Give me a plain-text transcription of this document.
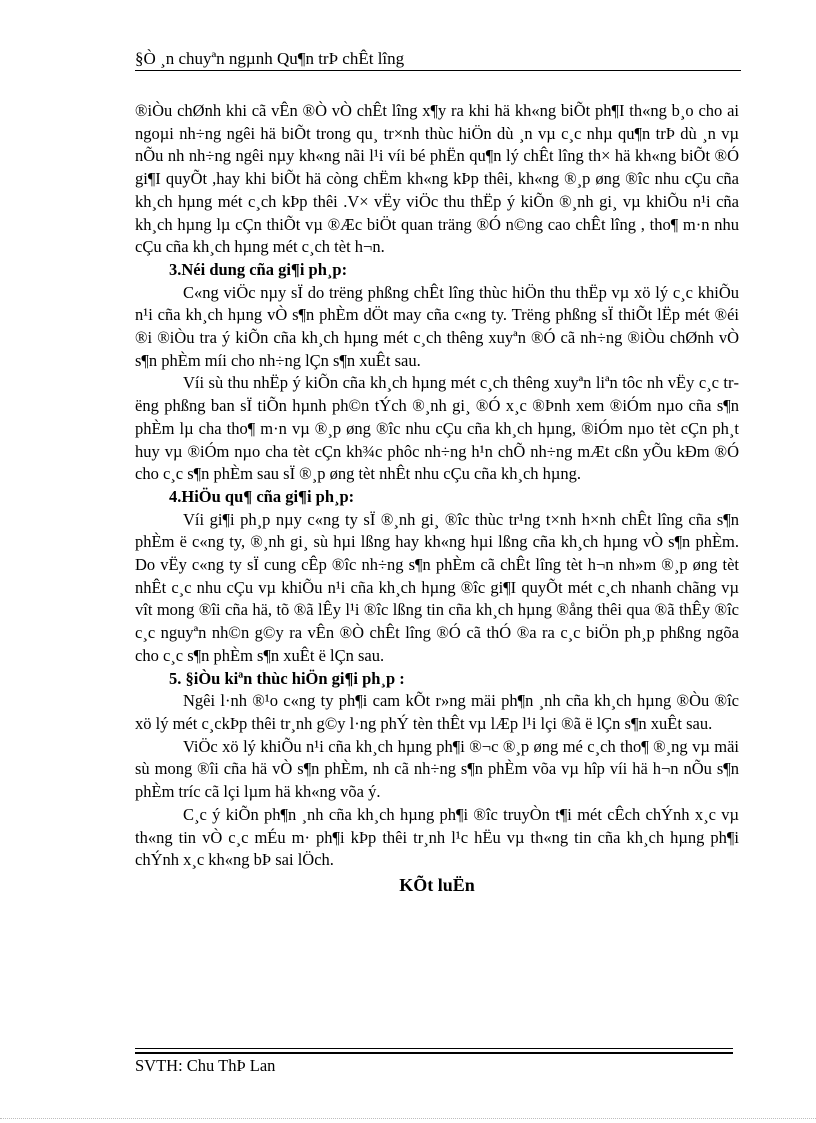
§Ò ¸n chuyªn ngµnh Qu¶n trÞ chÊt lîng

®iÒu chØnh khi cã vÊn ®Ò vÒ chÊt lîng x¶y ra khi hä kh«ng biÕt ph¶I th«ng b¸o cho ai ngoµi nh÷ng ngêi hä biÕt trong qu¸ tr×nh thùc hiÖn dù ¸n vµ c¸c nhµ qu¶n trÞ dù ¸n vµ nÕu nh nh÷ng ngêi nµy kh«ng nãi l¹i víi bé phËn qu¶n lý chÊt lîng th× hä kh«ng biÕt ®Ó gi¶I quyÕt ,hay khi biÕt hä còng chËm kh«ng kÞp thêi, kh«ng ®¸p øng ®îc nhu cÇu cña kh¸ch hµng mét c¸ch kÞp thêi .V× vËy viÖc thu thËp ý kiÕn ®¸nh gi¸ vµ khiÕu n¹i cña kh¸ch hµng lµ cÇn thiÕt vµ ®Æc biÖt quan träng ®Ó n©ng cao chÊt lîng , tho¶ m·n nhu cÇu cña kh¸ch hµng mét c¸ch tèt h¬n.

3.Néi dung cña gi¶i ph¸p:

C«ng viÖc nµy sÏ do trëng phßng chÊt lîng thùc hiÖn thu thËp vµ xö lý c¸c khiÕu n¹i cña kh¸ch hµng vÒ s¶n phÈm dÖt may cña c«ng ty. Trëng phßng sÏ thiÕt lËp mét ®éi ®i ®iÒu tra ý kiÕn cña kh¸ch hµng mét c¸ch thêng xuyªn ®Ó cã nh÷ng ®iÒu chØnh vÒ s¶n phÈm míi cho nh÷ng lÇn s¶n xuÊt sau.

Víi sù thu nhËp ý kiÕn cña kh¸ch hµng mét c¸ch thêng xuyªn liªn tôc nh vËy c¸c trëng phßng ban sÏ tiÕn hµnh ph©n tÝch ®¸nh gi¸ ®Ó x¸c ®Þnh xem ®iÓm nµo cña s¶n phÈm lµ cha tho¶ m·n vµ ®¸p øng ®îc nhu cÇu cña kh¸ch hµng, ®iÓm nµo tèt cÇn ph¸t huy vµ ®iÓm nµo cha tèt cÇn kh¾c phôc nh÷ng h¹n chÕ nh÷ng mÆt cßn yÕu kÐm ®Ó cho c¸c s¶n phÈm sau sÏ ®¸p øng tèt nhÊt nhu cÇu cña kh¸ch hµng.

4.HiÖu qu¶ cña gi¶i ph¸p:

Víi gi¶i ph¸p nµy c«ng ty sÏ ®¸nh gi¸ ®îc thùc tr¹ng t×nh h×nh chÊt lîng cña s¶n phÈm ë c«ng ty, ®¸nh gi¸ sù hµi lßng hay kh«ng hµi lßng cña kh¸ch hµng vÒ s¶n phÈm. Do vËy c«ng ty sÏ cung cÊp ®îc nh÷ng s¶n phÈm cã chÊt lîng tèt h¬n nh»m ®¸p øng tèt nhÊt c¸c nhu cÇu vµ khiÕu n¹i cña kh¸ch hµng ®îc gi¶I quyÕt mét c¸ch nhanh chãng vµ vît mong ®îi cña hä, tõ ®ã lÊy l¹i ®îc lßng tin cña kh¸ch hµng ®ång thêi qua ®ã thÊy ®îc c¸c nguyªn nh©n g©y ra vÊn ®Ò chÊt lîng ®Ó cã thÓ ®a ra c¸c biÖn ph¸p phßng ngõa cho c¸c s¶n phÈm s¶n xuÊt ë lÇn sau.

5. §iÒu kiªn thùc hiÖn gi¶i ph¸p :

Ngêi l·nh ®¹o c«ng ty ph¶i cam kÕt r»ng mäi ph¶n ¸nh cña kh¸ch hµng ®Òu ®îc xö lý mét c¸ckÞp thêi tr¸nh g©y l·ng phÝ tèn thÊt vµ lÆp l¹i lçi ®ã ë lÇn s¶n xuÊt sau.

ViÖc xö lý khiÕu n¹i cña kh¸ch hµng ph¶i ®¬c ®¸p øng mé c¸ch tho¶ ®¸ng vµ mäi sù mong ®îi cña hä vÒ s¶n phÈm, nh cã nh÷ng s¶n phÈm võa vµ hîp víi hä h¬n nÕu s¶n phÈm tríc cã lçi lµm hä kh«ng võa ý.

C¸c ý kiÕn ph¶n ¸nh cña kh¸ch hµng ph¶i ®îc truyÒn t¶i mét cÊch chÝnh x¸c vµ th«ng tin vÒ c¸c mÉu m· ph¶i kÞp thêi tr¸nh l¹c hËu vµ th«ng tin cña kh¸ch hµng ph¶i chÝnh x¸c kh«ng bÞ sai lÖch.

KÕt luËn

SVTH: Chu ThÞ Lan
